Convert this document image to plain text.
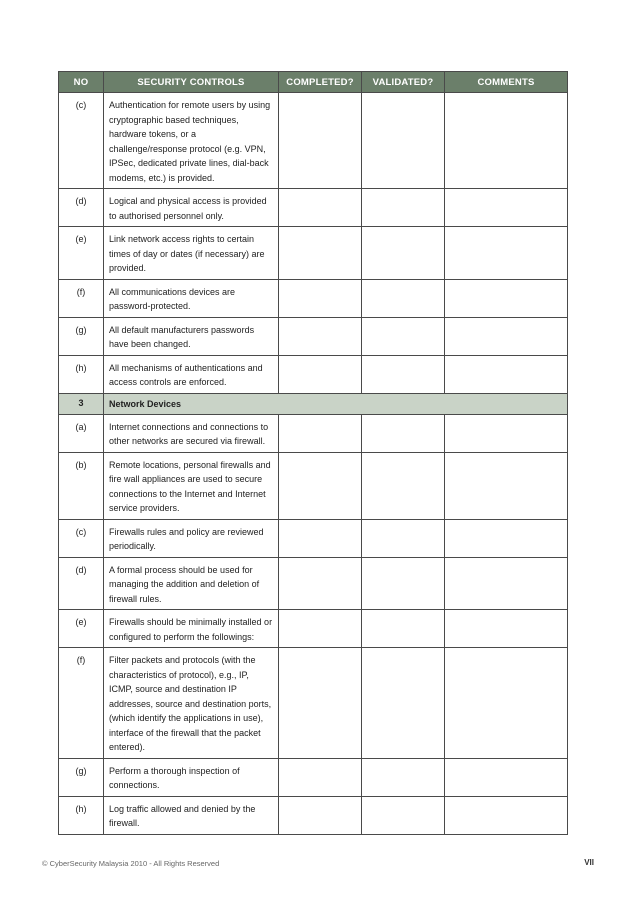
NO	SECURITY CONTROLS	COMPLETED?	VALIDATED?	COMMENTS
(c)	Authentication for remote users by using cryptographic based techniques, hardware tokens, or a challenge/response protocol (e.g. VPN, IPSec, dedicated private lines, dial-back modems, etc.) is provided.			
(d)	Logical and physical access is provided to authorised personnel only.			
(e)	Link network access rights to certain times of day or dates (if necessary) are provided.			
(f)	All communications devices are password-protected.			
(g)	All default manufacturers passwords have been changed.			
(h)	All mechanisms of authentications and access controls are enforced.			
3	Network Devices			
(a)	Internet connections and connections to other networks are secured via firewall.			
(b)	Remote locations, personal firewalls and fire wall appliances are used to secure connections to the Internet and Internet service providers.			
(c)	Firewalls rules and policy are reviewed periodically.			
(d)	A formal process should be used for managing the addition and deletion of firewall rules.			
(e)	Firewalls should be minimally installed or configured to perform the followings:			
(f)	Filter packets and protocols (with the characteristics of protocol), e.g., IP, ICMP, source and destination IP addresses, source and destination ports, (which identify the applications in use), interface of the firewall that the packet entered).			
(g)	Perform a thorough inspection of connections.			
(h)	Log traffic allowed and denied by the firewall.			
© CyberSecurity Malaysia 2010 - All Rights Reserved	VII
